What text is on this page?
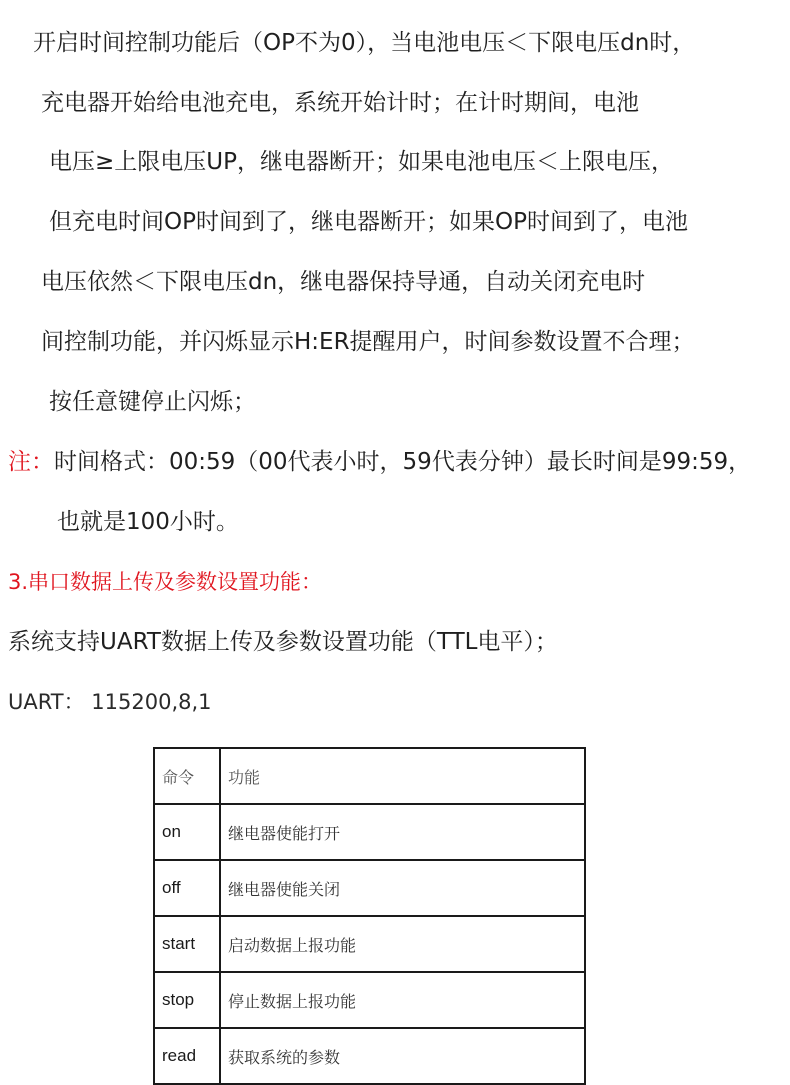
开启时间控制功能后（OP不为0），当电池电压＜下限电压dn时，
充电器开始给电池充电，系统开始计时；在计时期间，电池
电压≥上限电压UP，继电器断开；如果电池电压＜上限电压，
但充电时间OP时间到了，继电器断开；如果OP时间到了，电池
电压依然＜下限电压dn，继电器保持导通，自动关闭充电时
间控制功能，并闪烁显示H:ER提醒用户，时间参数设置不合理；
按任意键停止闪烁；
注：时间格式：00:59（00代表小时，59代表分钟）最长时间是99:59，
也就是100小时。
3.串口数据上传及参数设置功能：
系统支持UART数据上传及参数设置功能（TTL电平）；
UART： 115200,8,1
命令	功能
on	继电器使能打开
off	继电器使能关闭
start	启动数据上报功能
stop	停止数据上报功能
read	获取系统的参数
